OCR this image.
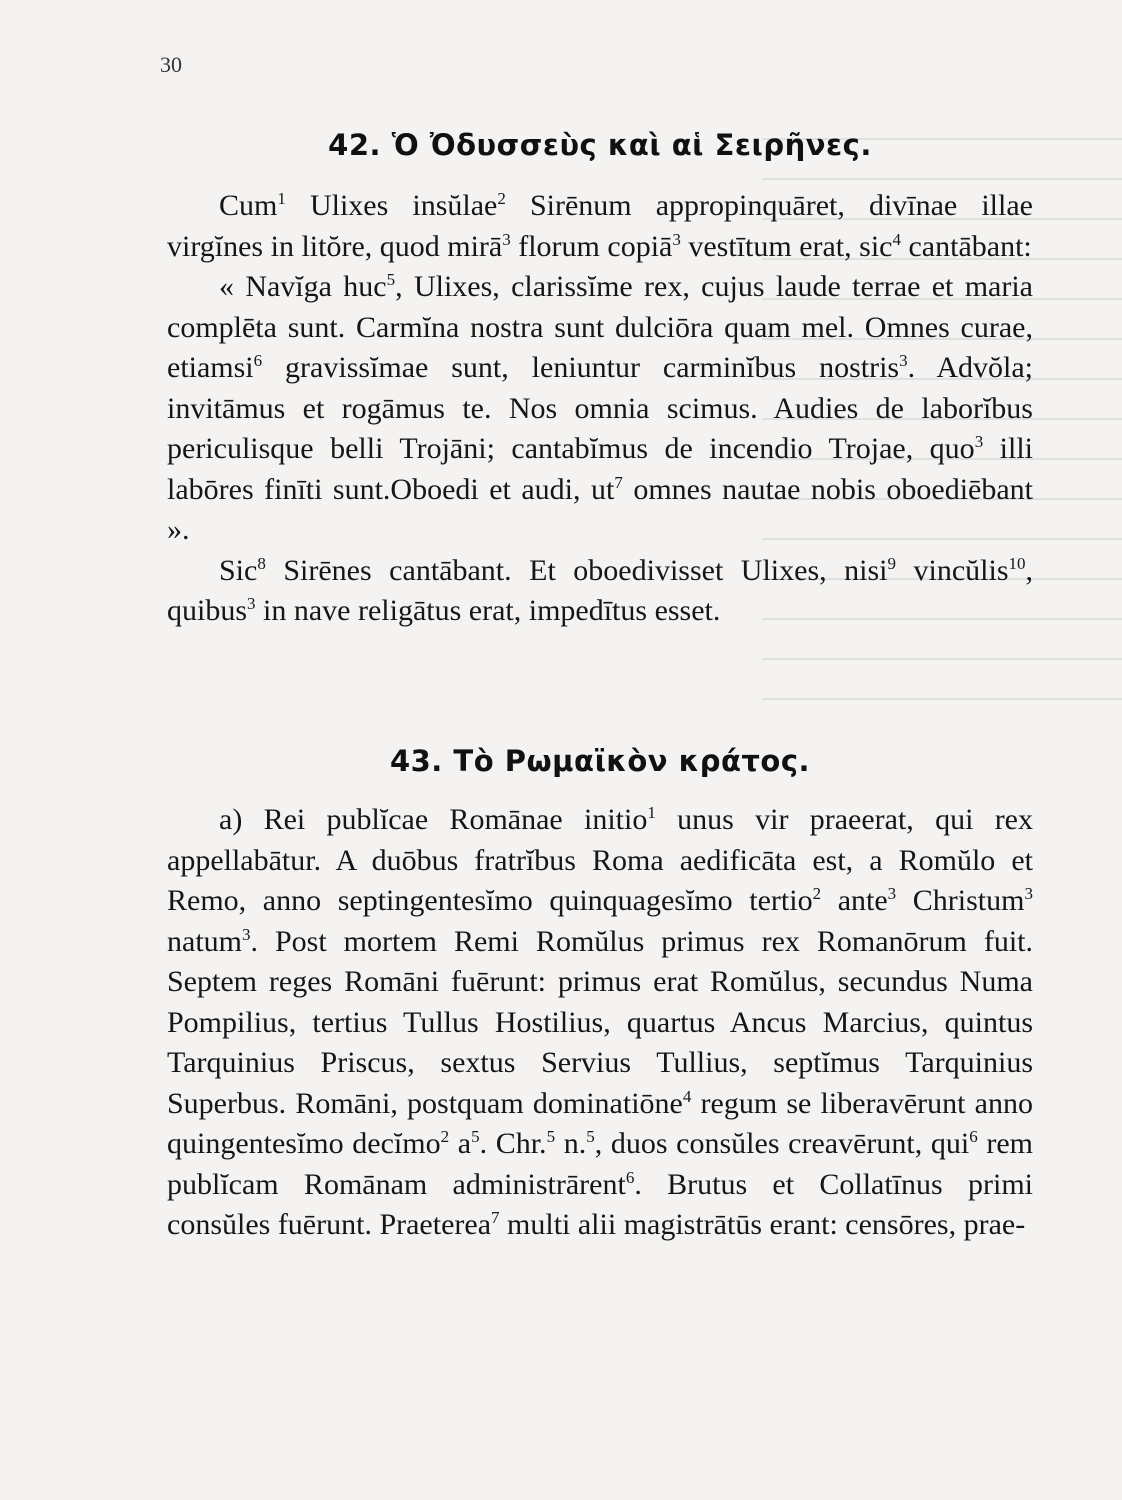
30
42. Ὁ Ὀδυσσεὺς καὶ αἱ Σειρῆνες.

Cum$^1$ Ulixes insŭlae$^2$ Sirēnum appropinquāret, divīnae illae virgĭnes in litŏre, quod mirā$^3$ florum copiā$^3$ vestītum erat, sic$^4$ cantābant:

« Navĭga huc$^5$, Ulixes, clarissĭme rex, cujus laude terrae et maria complēta sunt. Carmĭna nostra sunt dulciōra quam mel. Omnes curae, etiamsi$^6$ gravissĭmae sunt, leniuntur carminĭbus nostris$^3$. Advŏla; invitāmus et rogāmus te. Nos omnia scimus. Audies de laborĭbus periculisque belli Trojāni; cantabĭmus de incendio Trojae, quo$^3$ illi labōres finīti sunt.Oboedi et audi, $ut^7$ omnes nautae nobis oboediēbant ».

Sic$^8$ Sirēnes cantābant. Et oboedivisset Ulixes, nisi$^9$ vincŭlis$^{10}$, quibus$^3$ in nave religātus erat, impedītus esset.

43. Τὸ Ρωμαϊκὸν κράτος.

a) Rei publĭcae Romānae initio$^1$ unus vir praeerat, qui rex appellabātur. A duōbus fratrĭbus Roma aedificāta est, a Romŭlo et Remo, anno septingentesĭmo quinquagesĭmo tertio$^2$ ante$^3$ Christum$^3$ natum$^3$. Post mortem Remi Romŭlus primus rex Romanōrum fuit. Septem reges Romāni fuērunt: primus erat Romŭlus, secundus Numa Pompilius, tertius Tullus Hostilius, quartus Ancus Marcius, quintus Tarquinius Priscus, sextus Servius Tullius, septĭmus Tarquinius Superbus. Romāni, postquam dominatiōne$^4$ regum se liberavērunt anno quingentesĭmo decĭmo$^2$ $a^5$. Chr.$^5$ n.$^5$, duos consŭles creavērunt, qui$^6$ rem publĭcam Romānam administrārent$^6$. Brutus et Collatīnus primi consŭles fuērunt. Praeterea$^7$ multi alii magistrātūs erant: censōres, prae-
